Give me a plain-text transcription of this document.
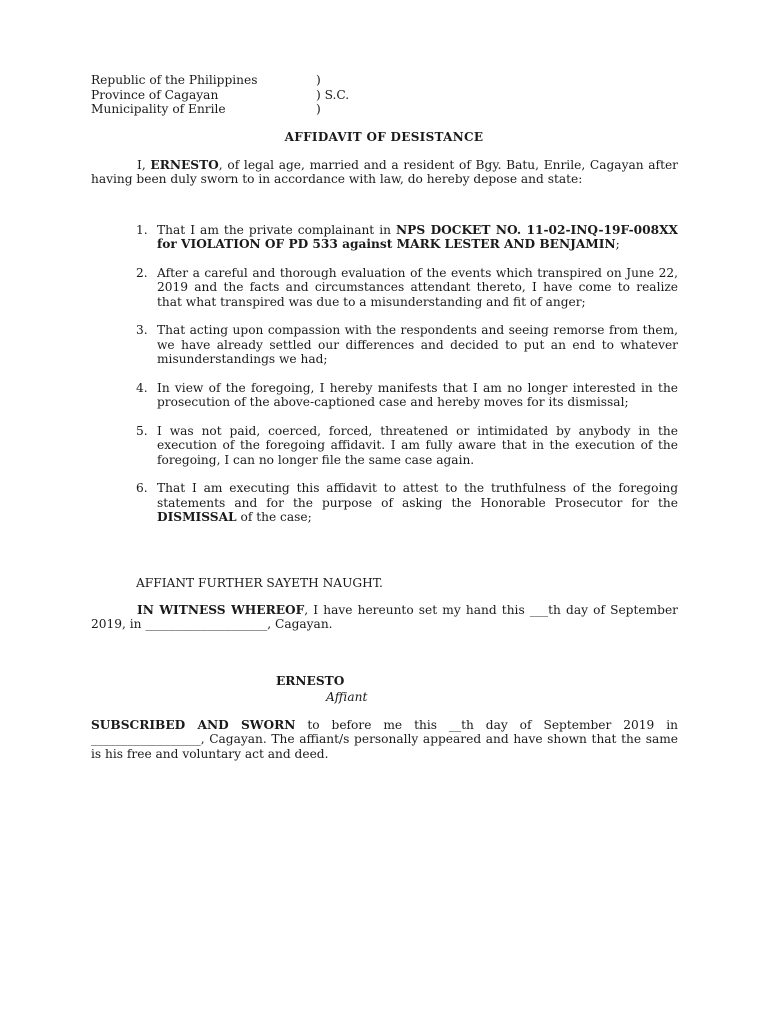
Republic of the Philippines	)
Province of Cagayan	) S.C.
Municipality of Enrile	)
AFFIDAVIT OF DESISTANCE
I, ERNESTO, of legal age, married and a resident of Bgy. Batu, Enrile, Cagayan after having been duly sworn to in accordance with law, do hereby depose and state:
1. That I am the private complainant in NPS DOCKET NO. 11-02-INQ-19F-008XX for VIOLATION OF PD 533 against MARK LESTER AND BENJAMIN;
2. After a careful and thorough evaluation of the events which transpired on June 22, 2019 and the facts and circumstances attendant thereto, I have come to realize that what transpired was due to a misunderstanding and fit of anger;
3. That acting upon compassion with the respondents and seeing remorse from them, we have already settled our differences and decided to put an end to whatever misunderstandings we had;
4. In view of the foregoing, I hereby manifests that I am no longer interested in the prosecution of the above-captioned case and hereby moves for its dismissal;
5. I was not paid, coerced, forced, threatened or intimidated by anybody in the execution of the foregoing affidavit. I am fully aware that in the execution of the foregoing, I can no longer file the same case again.
6. That I am executing this affidavit to attest to the truthfulness of the foregoing statements and for the purpose of asking the Honorable Prosecutor for the DISMISSAL of the case;
AFFIANT FURTHER SAYETH NAUGHT.
IN WITNESS WHEREOF, I have hereunto set my hand this ___th day of September 2019, in ____________________, Cagayan.
ERNESTO
Affiant
SUBSCRIBED AND SWORN to before me this __th day of September 2019 in __________________, Cagayan. The affiant/s personally appeared and have shown that the same is his free and voluntary act and deed.
